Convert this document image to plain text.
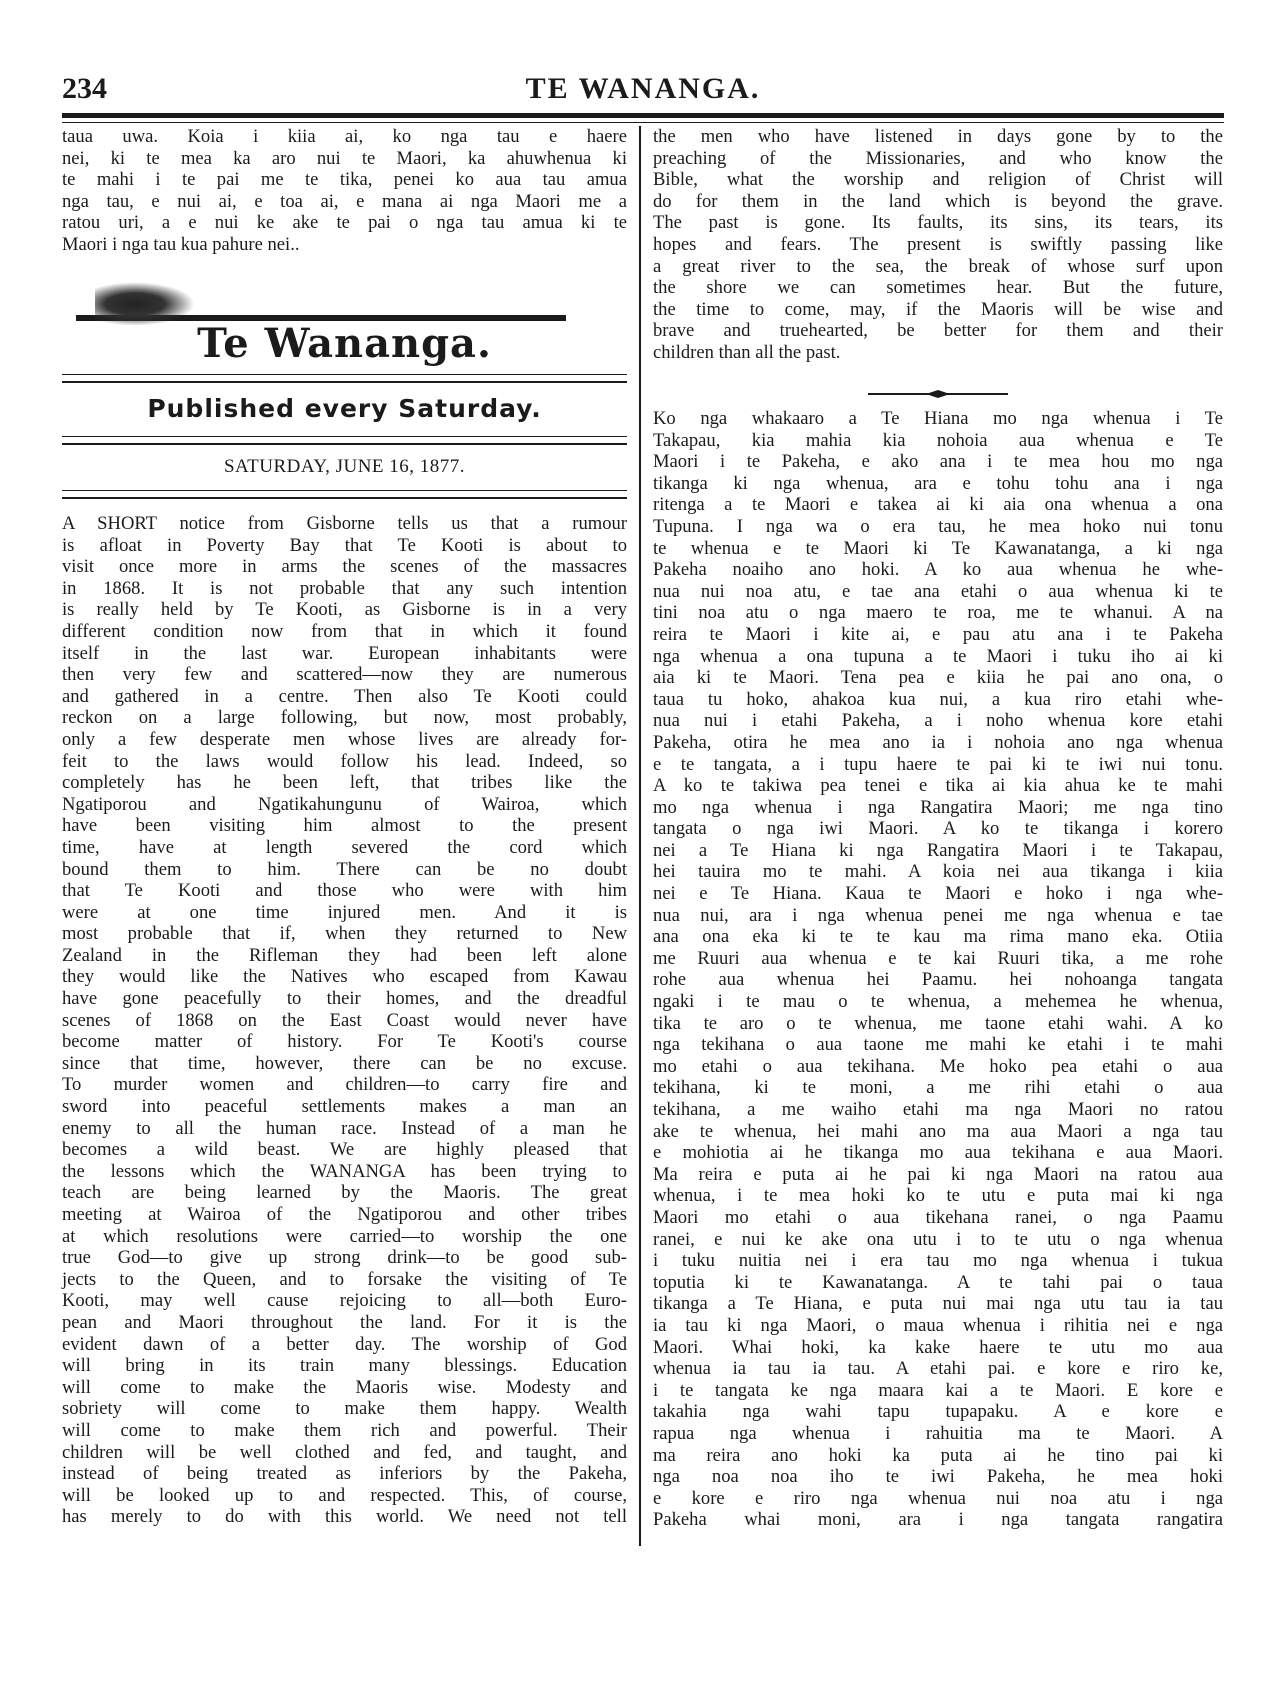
234	TE WANANGA.

taua uwa. Koia i kiia ai, ko nga tau e haere

nei, ki te mea ka aro nui te Maori, ka ahuwhenua ki

te mahi i te pai me te tika, penei ko aua tau amua

nga tau, e nui ai, e toa ai, e mana ai nga Maori me a

ratou uri, a e nui ke ake te pai o nga tau amua ki te

Maori i nga tau kua pahure nei..

Te Wananga.
Published every Saturday.
SATURDAY, JUNE 16, 1877.

A SHORT notice from Gisborne tells us that a rumour

is afloat in Poverty Bay that Te Kooti is about to

visit once more in arms the scenes of the massacres

in 1868. It is not probable that any such intention

is really held by Te Kooti, as Gisborne is in a very

different condition now from that in which it found

itself in the last war. European inhabitants were

then very few and scattered—now they are numerous

and gathered in a centre. Then also Te Kooti could

reckon on a large following, but now, most probably,

only a few desperate men whose lives are already for-

feit to the laws would follow his lead. Indeed, so

completely has he been left, that tribes like the

Ngatiporou and Ngatikahungunu of Wairoa, which

have been visiting him almost to the present

time, have at length severed the cord which

bound them to him. There can be no doubt

that Te Kooti and those who were with him

were at one time injured men. And it is

most probable that if, when they returned to New

Zealand in the Rifleman they had been left alone

they would like the Natives who escaped from Kawau

have gone peacefully to their homes, and the dreadful

scenes of 1868 on the East Coast would never have

become matter of history. For Te Kooti's course

since that time, however, there can be no excuse.

To murder women and children—to carry fire and

sword into peaceful settlements makes a man an

enemy to all the human race. Instead of a man he

becomes a wild beast. We are highly pleased that

the lessons which the WANANGA has been trying to

teach are being learned by the Maoris. The great

meeting at Wairoa of the Ngatiporou and other tribes

at which resolutions were carried—to worship the one

true God—to give up strong drink—to be good sub-

jects to the Queen, and to forsake the visiting of Te

Kooti, may well cause rejoicing to all—both Euro-

pean and Maori throughout the land. For it is the

evident dawn of a better day. The worship of God

will bring in its train many blessings. Education

will come to make the Maoris wise. Modesty and

sobriety will come to make them happy. Wealth

will come to make them rich and powerful. Their

children will be well clothed and fed, and taught, and

instead of being treated as inferiors by the Pakeha,

will be looked up to and respected. This, of course,

has merely to do with this world. We need not tell

the men who have listened in days gone by to the

preaching of the Missionaries, and who know the

Bible, what the worship and religion of Christ will

do for them in the land which is beyond the grave.

The past is gone. Its faults, its sins, its tears, its

hopes and fears. The present is swiftly passing like

a great river to the sea, the break of whose surf upon

the shore we can sometimes hear. But the future,

the time to come, may, if the Maoris will be wise and

brave and truehearted, be better for them and their

children than all the past.

Ko nga whakaaro a Te Hiana mo nga whenua i Te

Takapau, kia mahia kia nohoia aua whenua e Te

Maori i te Pakeha, e ako ana i te mea hou mo nga

tikanga ki nga whenua, ara e tohu tohu ana i nga

ritenga a te Maori e takea ai ki aia ona whenua a ona

Tupuna. I nga wa o era tau, he mea hoko nui tonu

te whenua e te Maori ki Te Kawanatanga, a ki nga

Pakeha noaiho ano hoki. A ko aua whenua he whe-

nua nui noa atu, e tae ana etahi o aua whenua ki te

tini noa atu o nga maero te roa, me te whanui. A na

reira te Maori i kite ai, e pau atu ana i te Pakeha

nga whenua a ona tupuna a te Maori i tuku iho ai ki

aia ki te Maori. Tena pea e kiia he pai ano ona, o

taua tu hoko, ahakoa kua nui, a kua riro etahi whe-

nua nui i etahi Pakeha, a i noho whenua kore etahi

Pakeha, otira he mea ano ia i nohoia ano nga whenua

e te tangata, a i tupu haere te pai ki te iwi nui tonu.

A ko te takiwa pea tenei e tika ai kia ahua ke te mahi

mo nga whenua i nga Rangatira Maori; me nga tino

tangata o nga iwi Maori. A ko te tikanga i korero

nei a Te Hiana ki nga Rangatira Maori i te Takapau,

hei tauira mo te mahi. A koia nei aua tikanga i kiia

nei e Te Hiana. Kaua te Maori e hoko i nga whe-

nua nui, ara i nga whenua penei me nga whenua e tae

ana ona eka ki te te kau ma rima mano eka. Otiia

me Ruuri aua whenua e te kai Ruuri tika, a me rohe

rohe aua whenua hei Paamu. hei nohoanga tangata

ngaki i te mau o te whenua, a mehemea he whenua,

tika te aro o te whenua, me taone etahi wahi. A ko

nga tekihana o aua taone me mahi ke etahi i te mahi

mo etahi o aua tekihana. Me hoko pea etahi o aua

tekihana, ki te moni, a me rihi etahi o aua

tekihana, a me waiho etahi ma nga Maori no ratou

ake te whenua, hei mahi ano ma aua Maori a nga tau

e mohiotia ai he tikanga mo aua tekihana e aua Maori.

Ma reira e puta ai he pai ki nga Maori na ratou aua

whenua, i te mea hoki ko te utu e puta mai ki nga

Maori mo etahi o aua tikehana ranei, o nga Paamu

ranei, e nui ke ake ona utu i to te utu o nga whenua

i tuku nuitia nei i era tau mo nga whenua i tukua

toputia ki te Kawanatanga. A te tahi pai o taua

tikanga a Te Hiana, e puta nui mai nga utu tau ia tau

ia tau ki nga Maori, o maua whenua i rihitia nei e nga

Maori. Whai hoki, ka kake haere te utu mo aua

whenua ia tau ia tau. A etahi pai. e kore e riro ke,

i te tangata ke nga maara kai a te Maori. E kore e

takahia nga wahi tapu tupapaku. A e kore e

rapua nga whenua i rahuitia ma te Maori. A

ma reira ano hoki ka puta ai he tino pai ki

nga noa noa iho te iwi Pakeha, he mea hoki

e kore e riro nga whenua nui noa atu i nga

Pakeha whai moni, ara i nga tangata rangatira
